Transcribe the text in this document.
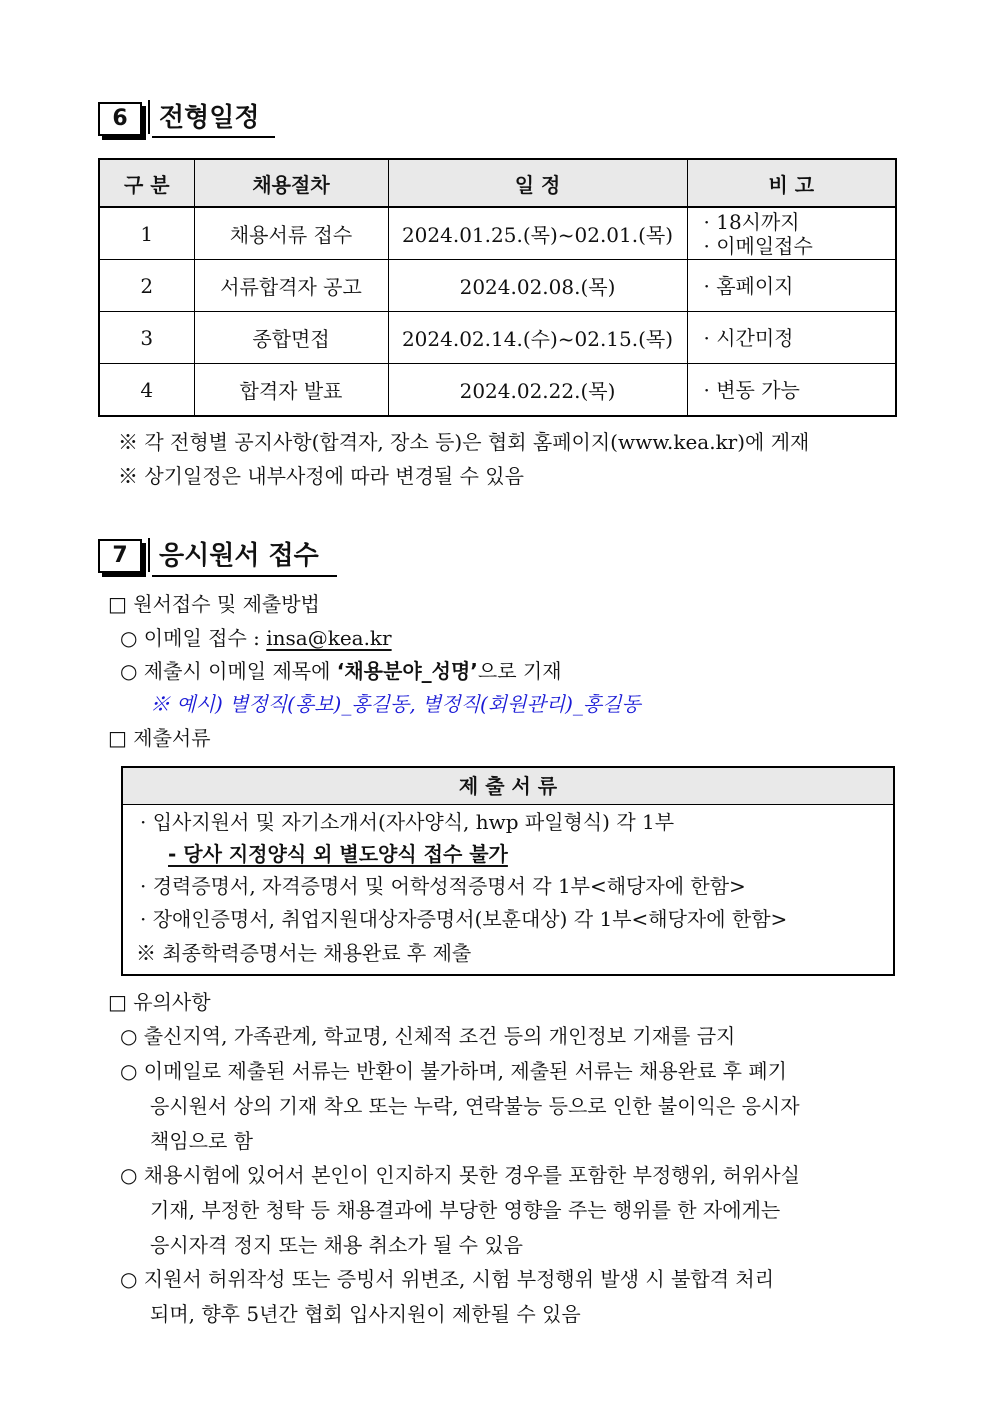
6	전형일정
구 분	채용절차	일 정	비 고
1	채용서류 접수	2024.01.25.(목)~02.01.(목)	· 18시까지
· 이메일접수

2	서류합격자 공고	2024.02.08.(목)	· 홈페이지
3	종합면접	2024.02.14.(수)~02.15.(목)	· 시간미정
4	합격자 발표	2024.02.22.(목)	· 변동 가능
※ 각 전형별 공지사항(합격자, 장소 등)은 협회 홈페이지(www.kea.kr)에 게재
※ 상기일정은 내부사정에 따라 변경될 수 있음
7	응시원서 접수
□ 원서접수 및 제출방법
○ 이메일 접수 : insa@kea.kr
○ 제출시 이메일 제목에 ‘채용분야_성명’으로 기재
※ 예시) 별정직(홍보)_홍길동, 별정직(회원관리)_홍길동
□ 제출서류
제 출 서 류
· 입사지원서 및 자기소개서(자사양식, hwp 파일형식) 각 1부
- 당사 지정양식 외 별도양식 접수 불가
· 경력증명서, 자격증명서 및 어학성적증명서 각 1부<해당자에 한함>
· 장애인증명서, 취업지원대상자증명서(보훈대상) 각 1부<해당자에 한함>
※ 최종학력증명서는 채용완료 후 제출
□ 유의사항
○ 출신지역, 가족관계, 학교명, 신체적 조건 등의 개인정보 기재를 금지
○ 이메일로 제출된 서류는 반환이 불가하며, 제출된 서류는 채용완료 후 폐기
응시원서 상의 기재 착오 또는 누락, 연락불능 등으로 인한 불이익은 응시자
책임으로 함
○ 채용시험에 있어서 본인이 인지하지 못한 경우를 포함한 부정행위, 허위사실
기재, 부정한 청탁 등 채용결과에 부당한 영향을 주는 행위를 한 자에게는
응시자격 정지 또는 채용 취소가 될 수 있음
○ 지원서 허위작성 또는 증빙서 위변조, 시험 부정행위 발생 시 불합격 처리
되며, 향후 5년간 협회 입사지원이 제한될 수 있음
